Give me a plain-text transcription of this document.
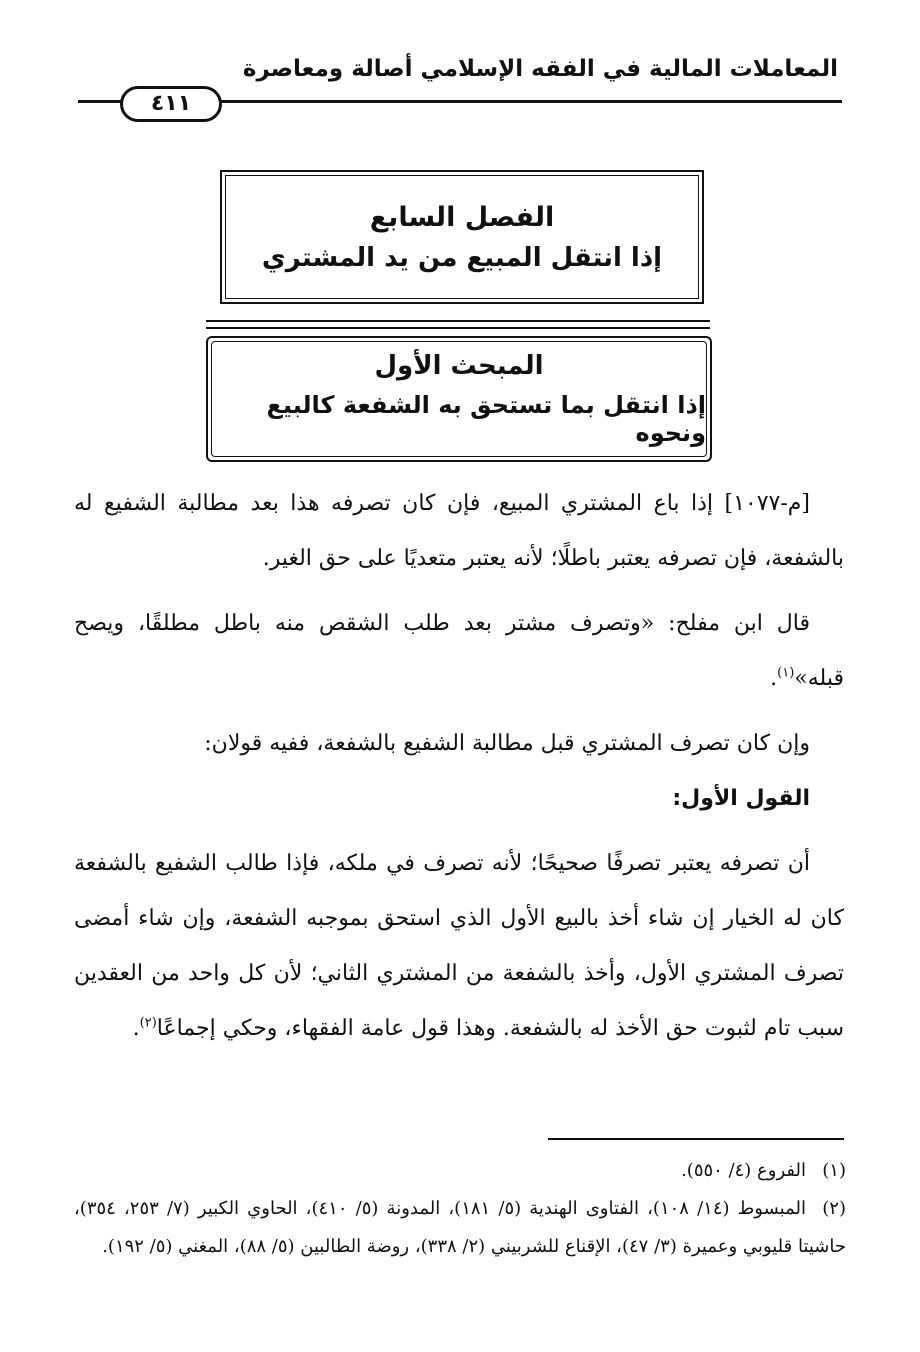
المعاملات المالية في الفقه الإسلامي أصالة ومعاصرة
٤١١
الفصل السابع
إذا انتقل المبيع من يد المشتري
المبحث الأول
إذا انتقل بما تستحق به الشفعة كالبيع ونحوه

[م-١٠٧٧] إذا باع المشتري المبيع، فإن كان تصرفه هذا بعد مطالبة الشفيع له بالشفعة، فإن تصرفه يعتبر باطلًا؛ لأنه يعتبر متعديًا على حق الغير.

قال ابن مفلح: «وتصرف مشتر بعد طلب الشقص منه باطل مطلقًا، ويصح قبله»$^{(١)}$.

وإن كان تصرف المشتري قبل مطالبة الشفيع بالشفعة، ففيه قولان:

القول الأول:

أن تصرفه يعتبر تصرفًا صحيحًا؛ لأنه تصرف في ملكه، فإذا طالب الشفيع بالشفعة كان له الخيار إن شاء أخذ بالبيع الأول الذي استحق بموجبه الشفعة، وإن شاء أمضى تصرف المشتري الأول، وأخذ بالشفعة من المشتري الثاني؛ لأن كل واحد من العقدين سبب تام لثبوت حق الأخذ له بالشفعة. وهذا قول عامة الفقهاء، وحكي إجماعًا$^{(٢)}$.

(١)الفروع (٤/ ٥٥٠).

(٢)المبسوط (١٤/ ١٠٨)، الفتاوى الهندية (٥/ ١٨١)، المدونة (٥/ ٤١٠)، الحاوي الكبير (٧/ ٢٥٣، ٣٥٤)، حاشيتا قليوبي وعميرة (٣/ ٤٧)، الإقناع للشربيني (٢/ ٣٣٨)، روضة الطالبين (٥/ ٨٨)، المغني (٥/ ١٩٢).
